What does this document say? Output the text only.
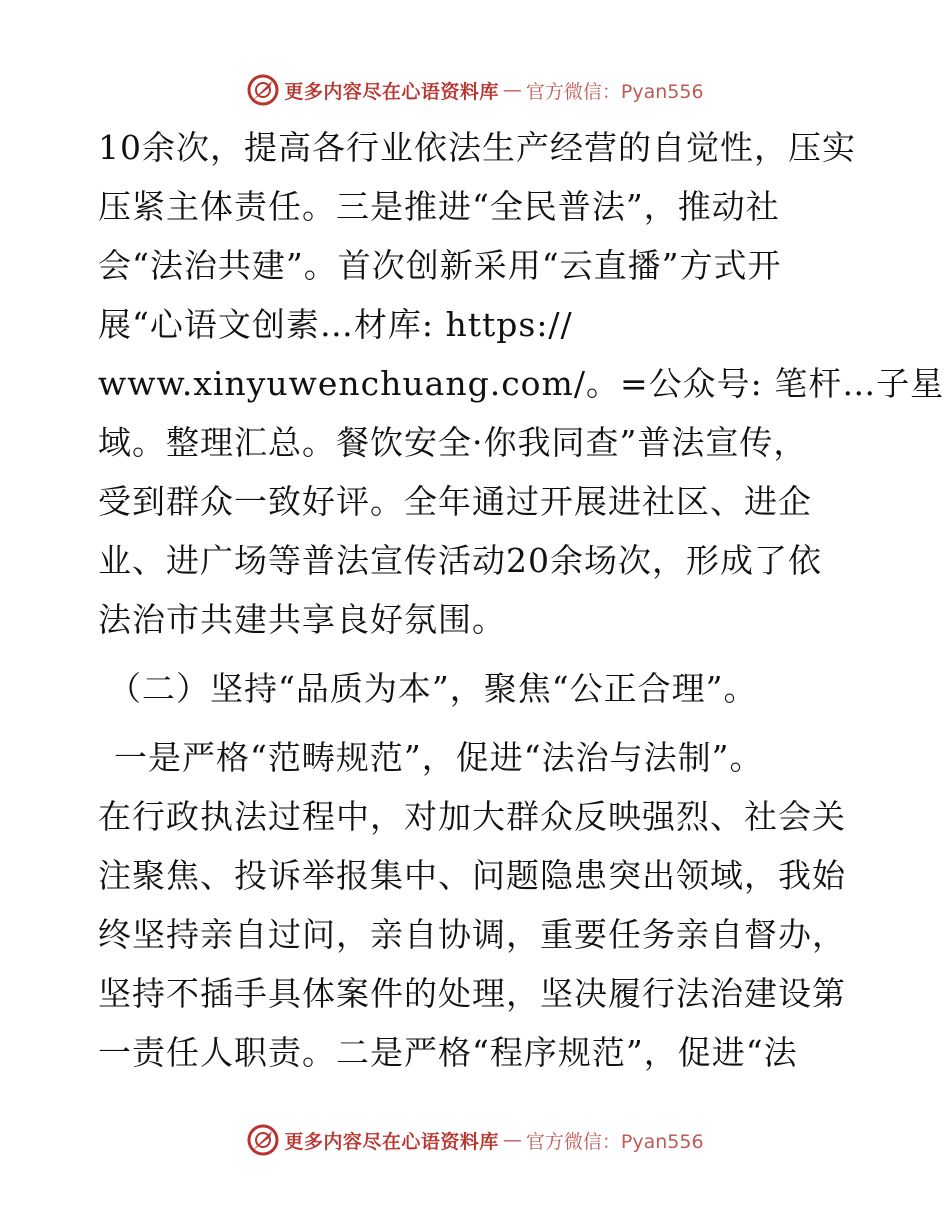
更多内容尽在心语资料库 — 官方微信：Pyan556
10余次，提高各行业依法生产经营的自觉性，压实
压紧主体责任。三是推进“全民普法”，推动社
会“法治共建”。首次创新采用“云直播”方式开
展“心语文创素…材库: https://
www.xinyuwenchuang.com/。=公众号: 笔杆…子星
域。整理汇总。餐饮安全·你我同查”普法宣传，
受到群众一致好评。全年通过开展进社区、进企
业、进广场等普法宣传活动20余场次，形成了依
法治市共建共享良好氛围。
（二）坚持“品质为本”，聚焦“公正合理”。
一是严格“范畴规范”，促进“法治与法制”。
在行政执法过程中，对加大群众反映强烈、社会关
注聚焦、投诉举报集中、问题隐患突出领域，我始
终坚持亲自过问，亲自协调，重要任务亲自督办，
坚持不插手具体案件的处理，坚决履行法治建设第
一责任人职责。二是严格“程序规范”，促进“法
更多内容尽在心语资料库 — 官方微信：Pyan556
